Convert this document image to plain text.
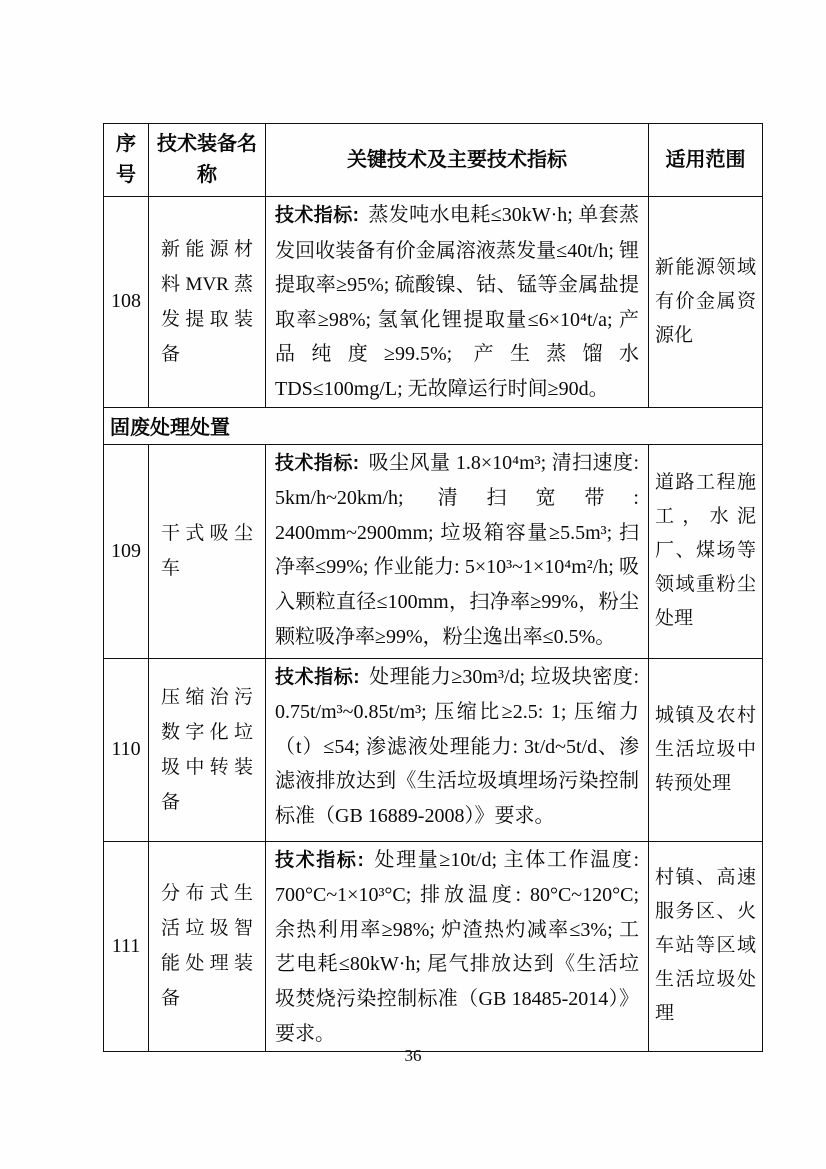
序号	技术装备名称	关键技术及主要技术指标	适用范围
108	新能源材料 MVR 蒸发提取装备	技术指标: 蒸发吨水电耗≤30kW·h; 单套蒸发回收装备有价金属溶液蒸发量≤40t/h; 锂提取率≥95%; 硫酸镍、钴、锰等金属盐提取率≥98%; 氢氧化锂提取量≤6×10⁴t/a; 产品纯度≥99.5%; 产生蒸馏水 TDS≤100mg/L; 无故障运行时间≥90d。	新能源领域有价金属资源化
固废处理处置			
109	干式吸尘车	技术指标: 吸尘风量 1.8×10⁴m³; 清扫速度: 5km/h~20km/h; 清扫宽带: 2400mm~2900mm; 垃圾箱容量≥5.5m³; 扫净率≤99%; 作业能力: 5×10³~1×10⁴m²/h; 吸入颗粒直径≤100mm，扫净率≥99%，粉尘颗粒吸净率≥99%，粉尘逸出率≤0.5%。	道路工程施工，水泥厂、煤场等领域重粉尘处理
110	压缩治污数字化垃圾中转装备	技术指标: 处理能力≥30m³/d; 垃圾块密度: 0.75t/m³~0.85t/m³; 压缩比≥2.5: 1; 压缩力（t）≤54; 渗滤液处理能力: 3t/d~5t/d、渗滤液排放达到《生活垃圾填埋场污染控制标准（GB 16889-2008）》要求。	城镇及农村生活垃圾中转预处理
111	分布式生活垃圾智能处理装备	技术指标: 处理量≥10t/d; 主体工作温度: 700°C~1×10³°C; 排放温度: 80°C~120°C; 余热利用率≥98%; 炉渣热灼减率≤3%; 工艺电耗≤80kW·h; 尾气排放达到《生活垃圾焚烧污染控制标准（GB 18485-2014）》要求。	村镇、高速服务区、火车站等区域生活垃圾处理
36
